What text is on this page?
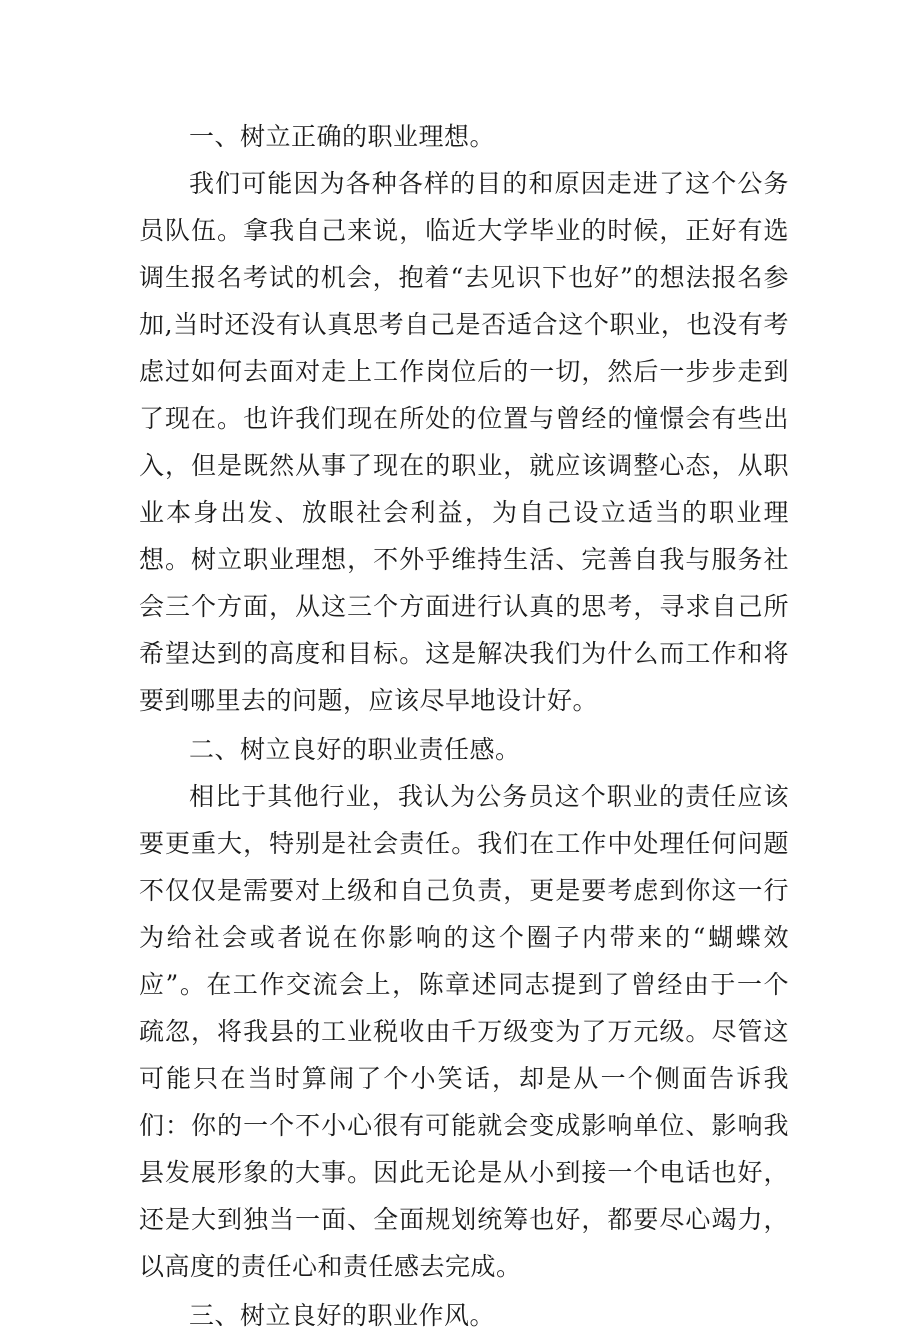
一、树立正确的职业理想。

我们可能因为各种各样的目的和原因走进了这个公务员队伍。拿我自己来说，临近大学毕业的时候，正好有选调生报名考试的机会，抱着“去见识下也好”的想法报名参加,当时还没有认真思考自己是否适合这个职业，也没有考虑过如何去面对走上工作岗位后的一切，然后一步步走到了现在。也许我们现在所处的位置与曾经的憧憬会有些出入，但是既然从事了现在的职业，就应该调整心态，从职业本身出发、放眼社会利益，为自己设立适当的职业理想。树立职业理想，不外乎维持生活、完善自我与服务社会三个方面，从这三个方面进行认真的思考，寻求自己所希望达到的高度和目标。这是解决我们为什么而工作和将要到哪里去的问题，应该尽早地设计好。

二、树立良好的职业责任感。

相比于其他行业，我认为公务员这个职业的责任应该要更重大，特别是社会责任。我们在工作中处理任何问题不仅仅是需要对上级和自己负责，更是要考虑到你这一行为给社会或者说在你影响的这个圈子内带来的“蝴蝶效应”。在工作交流会上，陈章述同志提到了曾经由于一个疏忽，将我县的工业税收由千万级变为了万元级。尽管这可能只在当时算闹了个小笑话，却是从一个侧面告诉我们：你的一个不小心很有可能就会变成影响单位、影响我县发展形象的大事。因此无论是从小到接一个电话也好，还是大到独当一面、全面规划统筹也好，都要尽心竭力，以高度的责任心和责任感去完成。

三、树立良好的职业作风。
